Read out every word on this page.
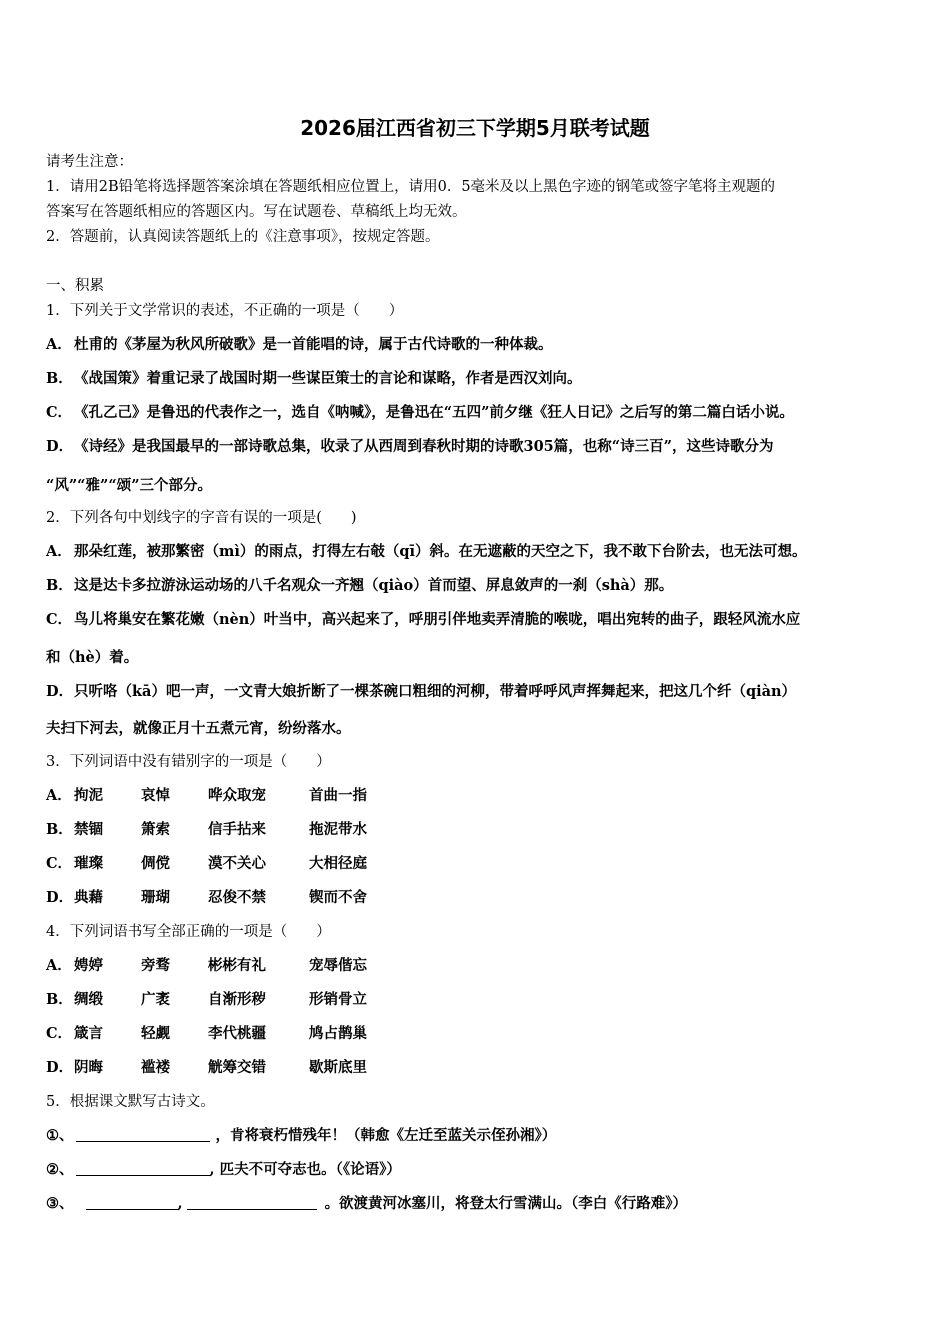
2026届江西省初三下学期5月联考试题
请考生注意：
1．请用2B铅笔将选择题答案涂填在答题纸相应位置上，请用0．5毫米及以上黑色字迹的钢笔或签字笔将主观题的
答案写在答题纸相应的答题区内。写在试题卷、草稿纸上均无效。
2．答题前，认真阅读答题纸上的《注意事项》，按规定答题。
一、积累
1．下列关于文学常识的表述，不正确的一项是（　　）
A． 杜甫的《茅屋为秋风所破歌》是一首能唱的诗，属于古代诗歌的一种体裁。
B．《战国策》着重记录了战国时期一些谋臣策士的言论和谋略，作者是西汉刘向。
C． 《孔乙己》是鲁迅的代表作之一，选自《呐喊》，是鲁迅在“五四”前夕继《狂人日记》之后写的第二篇白话小说。
D．《诗经》是我国最早的一部诗歌总集，收录了从西周到春秋时期的诗歌305篇，也称“诗三百”，这些诗歌分为
“风”“雅”“颂”三个部分。
2．下列各句中划线字的字音有误的一项是(　　)
A． 那朵红莲，被那繁密（mì）的雨点，打得左右攲（qī）斜。在无遮蔽的天空之下，我不敢下台阶去，也无法可想。
B．这是达卡多拉游泳运动场的八千名观众一齐翘（qiào）首而望、屏息敛声的一刹（shà）那。
C． 鸟儿将巢安在繁花嫩（nèn）叶当中，高兴起来了，呼朋引伴地卖弄清脆的喉咙，唱出宛转的曲子，跟轻风流水应
和（hè）着。
D．只听咯（kā）吧一声，一文青大娘折断了一棵茶碗口粗细的河柳，带着呼呼风声挥舞起来，把这几个纤（qiàn）
夫扫下河去，就像正月十五煮元宵，纷纷落水。
3．下列词语中没有错别字的一项是（　　）
A． 拘泥	哀悼	哗众取宠	首曲一指
B．禁锢	箫索	信手拈来	拖泥带水
C． 璀璨	倜傥	漠不关心	大相径庭
D．典藉	珊瑚	忍俊不禁	锲而不舍
4．下列词语书写全部正确的一项是（　　）
A． 娉婷	旁骛	彬彬有礼	宠辱偕忘
B．绸缎	广袤	自渐形秽	形销骨立
C． 箴言	轻觑	李代桃疆	鸠占鹊巢
D．阴晦	褴褛	觥筹交错	歇斯底里
5．根据课文默写古诗文。
①、	，肯将衰朽惜残年！（韩愈《左迁至蓝关示侄孙湘》）
②、	, 匹夫不可夺志也。（《论语》）
③、	,	。欲渡黄河冰塞川，将登太行雪满山。（李白《行路难》）
